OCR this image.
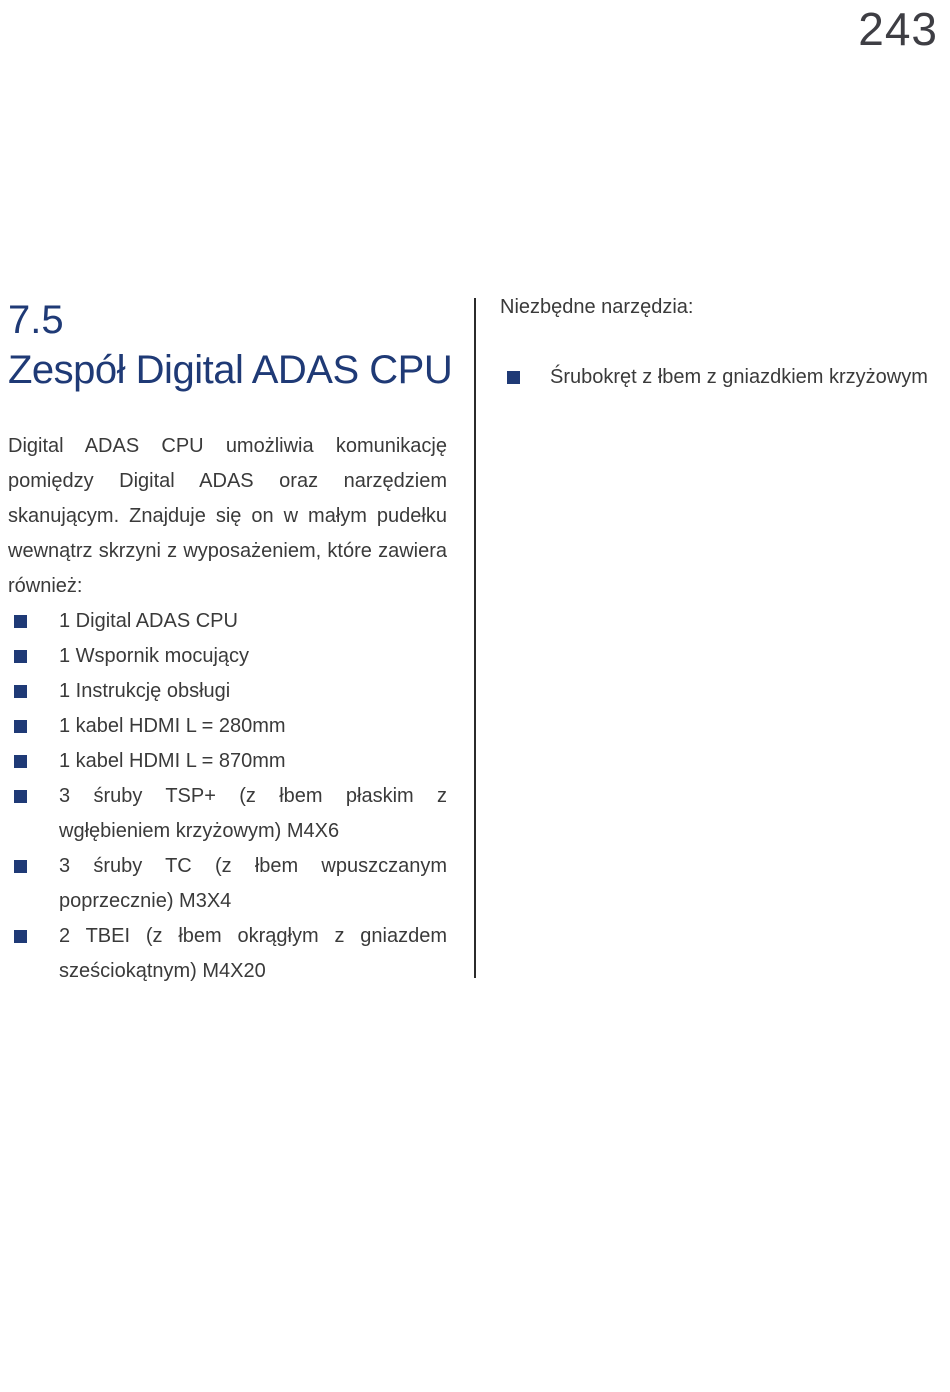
243
7.5
Zespół Digital ADAS CPU

Digital ADAS CPU umożliwia komunikację pomiędzy Digital ADAS oraz narzędziem skanującym. Znajduje się on w małym pudełku wewnątrz skrzyni z wyposażeniem, które zawiera również:

1 Digital ADAS CPU
1 Wspornik mocujący
1 Instrukcję obsługi
1 kabel HDMI L = 280mm
1 kabel HDMI L = 870mm
3 śruby TSP+ (z łbem płaskim z wgłębieniem krzyżowym) M4X6
3 śruby TC (z łbem wpuszczanym poprzecznie) M3X4
2 TBEI (z łbem okrągłym z gniazdem sześciokątnym) M4X20
Niezbędne narzędzia:
Śrubokręt z łbem z gniazdkiem krzyżowym
